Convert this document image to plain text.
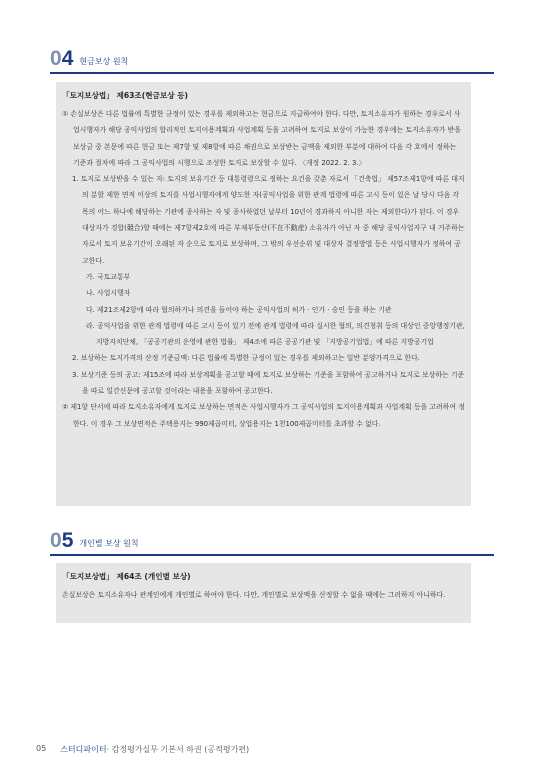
04 현금보상 원칙
「토지보상법」 제63조(현금보상 등)
① 손실보상은 다른 법률에 특별한 규정이 있는 경우를 제외하고는 현금으로 지급하여야 한다. 다만, 토지소유자가 원하는 경우로서 사업시행자가 해당 공익사업의 합리적인 토지이용계획과 사업계획 등을 고려하여 토지로 보상이 가능한 경우에는 토지소유자가 받을 보상금 중 본문에 따른 현금 또는 제7항 및 제8항에 따른 채권으로 보상받는 금액을 제외한 부분에 대하여 다음 각 호에서 정하는 기준과 절차에 따라 그 공익사업의 시행으로 조성한 토지로 보상할 수 있다. 〈개정 2022. 2. 3.〉
1. 토지로 보상받을 수 있는 자: 토지의 보유기간 등 대통령령으로 정하는 요건을 갖춘 자로서 「건축법」 제57조제1항에 따른 대지의 분할 제한 면적 이상의 토지를 사업시행자에게 양도한 자(공익사업을 위한 관계 법령에 따른 고시 등이 있은 날 당시 다음 각 목의 어느 하나에 해당하는 기관에 종사하는 자 및 종사하였던 날부터 10년이 경과하지 아니한 자는 제외한다)가 된다. 이 경우 대상자가 경합(競合)할 때에는 제7항제2호에 따른 부재부동산(不在不動産) 소유자가 아닌 자 중 해당 공익사업지구 내 거주하는 자로서 토지 보유기간이 오래된 자 순으로 토지로 보상하며, 그 밖의 우선순위 및 대상자 결정방법 등은 사업시행자가 정하여 공고한다.
가. 국토교통부
나. 사업시행자
다. 제21조제2항에 따라 협의하거나 의견을 들어야 하는 공익사업의 허가 · 인가 · 승인 등을 하는 기관
라. 공익사업을 위한 관계 법령에 따른 고시 등이 있기 전에 관계 법령에 따라 실시한 협의, 의견청취 등의 대상인 중앙행정기관, 지방자치단체, 「공공기관의 운영에 관한 법률」 제4조에 따른 공공기관 및 「지방공기업법」에 따른 지방공기업
2. 보상하는 토지가격의 산정 기준금액: 다른 법률에 특별한 규정이 있는 경우를 제외하고는 일반 분양가격으로 한다.
3. 보상기준 등의 공고: 제15조에 따라 보상계획을 공고할 때에 토지로 보상하는 기준을 포함하여 공고하거나 토지로 보상하는 기준을 따로 일간신문에 공고할 것이라는 내용을 포함하여 공고한다.
② 제1항 단서에 따라 토지소유자에게 토지로 보상하는 면적은 사업시행자가 그 공익사업의 토지이용계획과 사업계획 등을 고려하여 정한다. 이 경우 그 보상면적은 주택용지는 990제곱미터, 상업용지는 1천100제곱미터를 초과할 수 없다.
05 개인별 보상 원칙
「토지보상법」 제64조 (개인별 보상)
손실보상은 토지소유자나 관계인에게 개인별로 하여야 한다. 다만, 개인별로 보상액을 산정할 수 없을 때에는 그러하지 아니하다.
05 스터디파이터· 감정평가실무 기본서 하권 (공적평가편)
